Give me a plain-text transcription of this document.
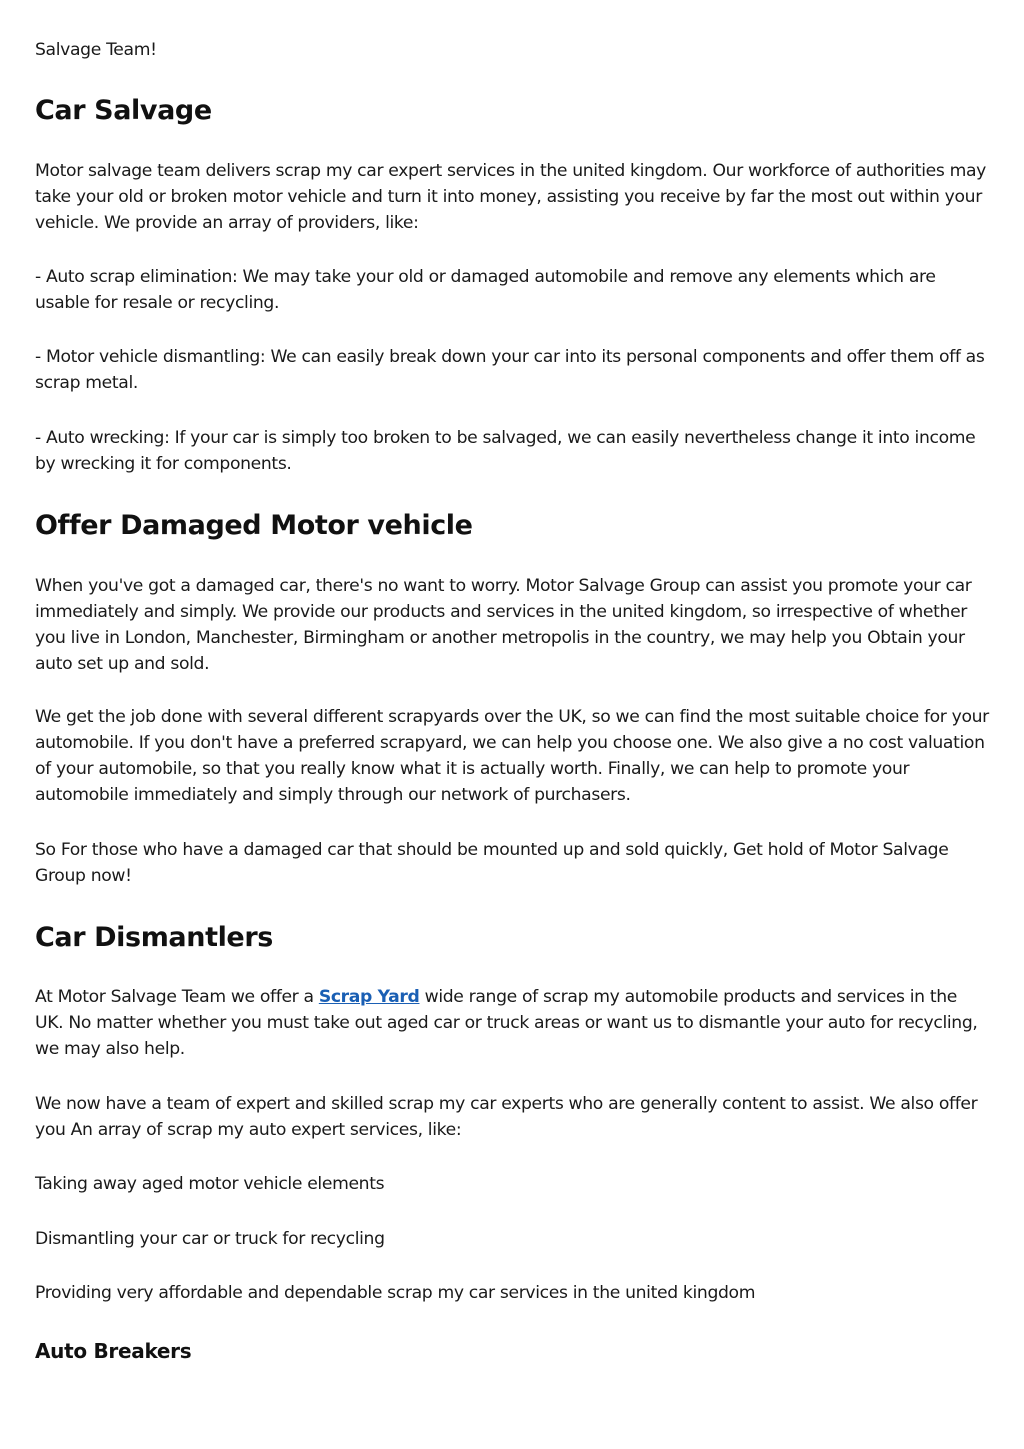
Salvage Team!

Car Salvage

Motor salvage team delivers scrap my car expert services in the united kingdom. Our workforce of authorities may take your old or broken motor vehicle and turn it into money, assisting you receive by far the most out within your vehicle. We provide an array of providers, like:

- Auto scrap elimination: We may take your old or damaged automobile and remove any elements which are usable for resale or recycling.

- Motor vehicle dismantling: We can easily break down your car into its personal components and offer them off as scrap metal.

- Auto wrecking: If your car is simply too broken to be salvaged, we can easily nevertheless change it into income by wrecking it for components.

Offer Damaged Motor vehicle

When you've got a damaged car, there's no want to worry. Motor Salvage Group can assist you promote your car immediately and simply. We provide our products and services in the united kingdom, so irrespective of whether you live in London, Manchester, Birmingham or another metropolis in the country, we may help you Obtain your auto set up and sold.

We get the job done with several different scrapyards over the UK, so we can find the most suitable choice for your automobile. If you don't have a preferred scrapyard, we can help you choose one. We also give a no cost valuation of your automobile, so that you really know what it is actually worth. Finally, we can help to promote your automobile immediately and simply through our network of purchasers.

So For those who have a damaged car that should be mounted up and sold quickly, Get hold of Motor Salvage Group now!

Car Dismantlers

At Motor Salvage Team we offer a Scrap Yard wide range of scrap my automobile products and services in the UK. No matter whether you must take out aged car or truck areas or want us to dismantle your auto for recycling, we may also help.

We now have a team of expert and skilled scrap my car experts who are generally content to assist. We also offer you An array of scrap my auto expert services, like:

Taking away aged motor vehicle elements

Dismantling your car or truck for recycling

Providing very affordable and dependable scrap my car services in the united kingdom

Auto Breakers
